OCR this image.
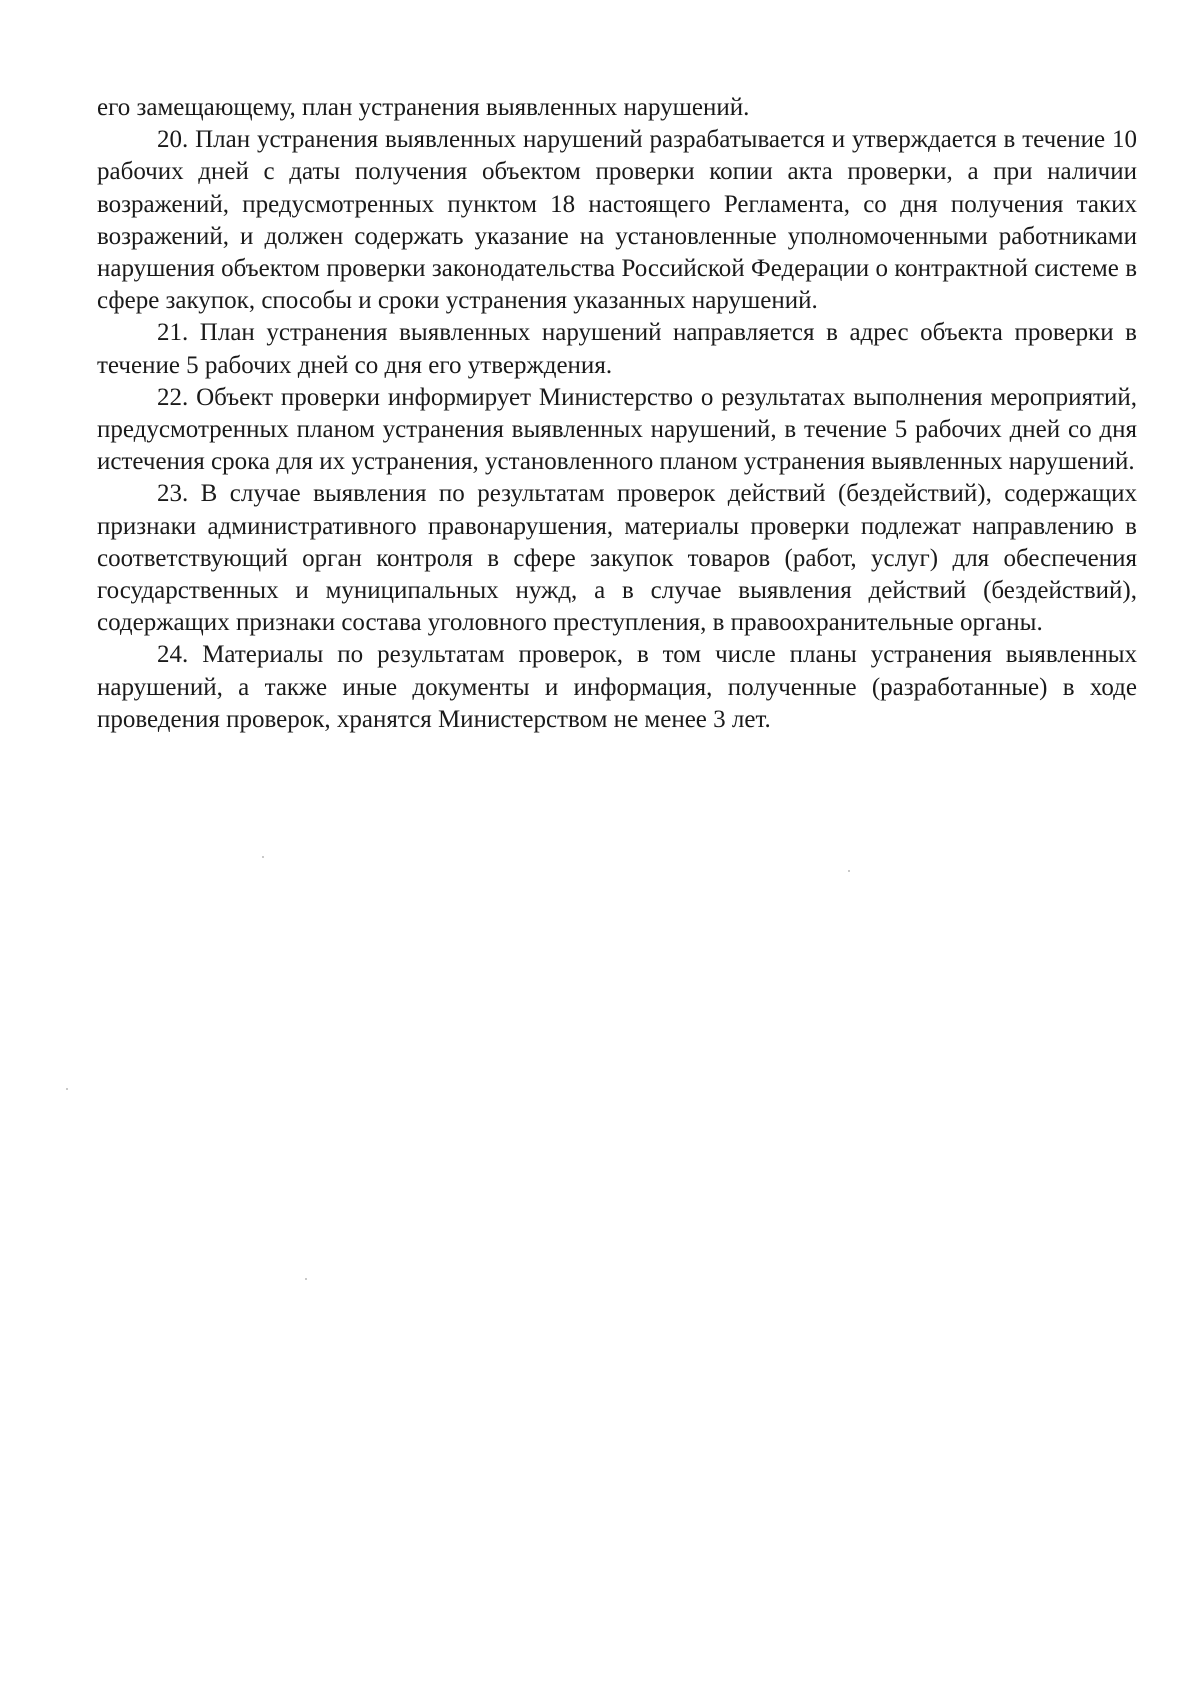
его замещающему, план устранения выявленных нарушений.

20. План устранения выявленных нарушений разрабатывается и утверждается в течение 10 рабочих дней с даты получения объектом проверки копии акта проверки, а при наличии возражений, предусмотренных пунктом 18 настоящего Регламента, со дня получения таких возражений, и должен содержать указание на установленные уполномоченными работниками нарушения объектом проверки законодательства Российской Федерации о контрактной системе в сфере закупок, способы и сроки устранения указанных нарушений.

21. План устранения выявленных нарушений направляется в адрес объекта проверки в течение 5 рабочих дней со дня его утверждения.

22. Объект проверки информирует Министерство о результатах выполнения мероприятий, предусмотренных планом устранения выявленных нарушений, в течение 5 рабочих дней со дня истечения срока для их устранения, установленного планом устранения выявленных нарушений.

23. В случае выявления по результатам проверок действий (бездействий), содержащих признаки административного правонарушения, материалы проверки подлежат направлению в соответствующий орган контроля в сфере закупок товаров (работ, услуг) для обеспечения государственных и муниципальных нужд, а в случае выявления действий (бездействий), содержащих признаки состава уголовного преступления, в правоохранительные органы.

24. Материалы по результатам проверок, в том числе планы устранения выявленных нарушений, а также иные документы и информация, полученные (разработанные) в ходе проведения проверок, хранятся Министерством не менее 3 лет.
